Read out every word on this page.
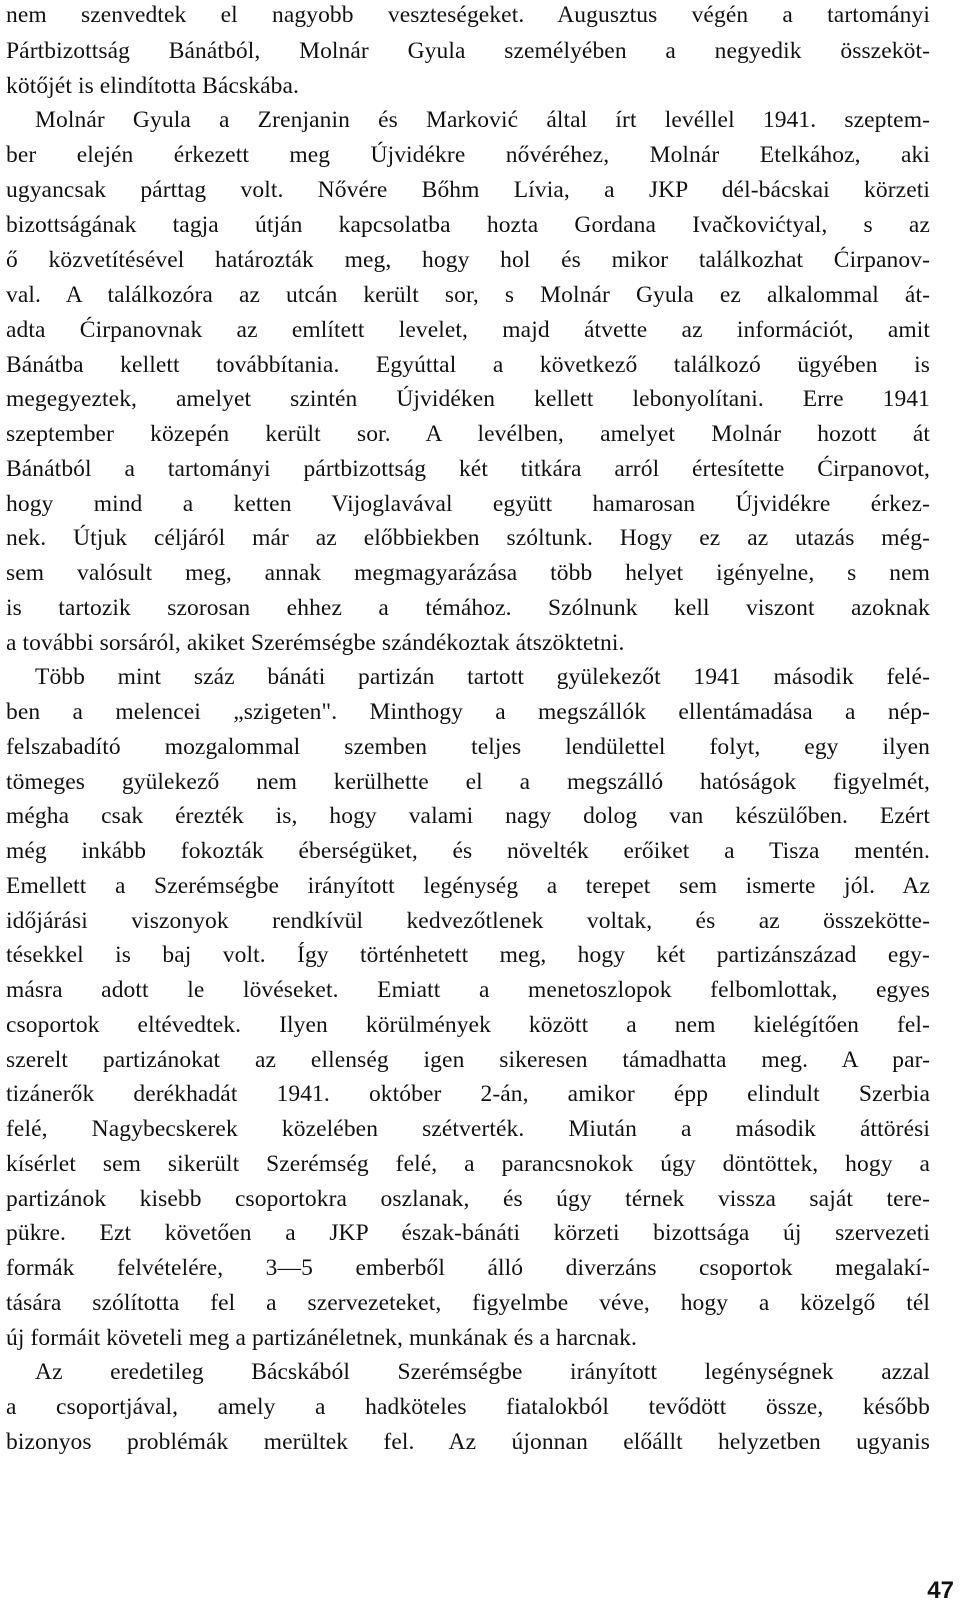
nem szenvedtek el nagyobb veszteségeket. Augusztus végén a tartományi
Pártbizottság Bánátból, Molnár Gyula személyében a negyedik összeköt-
kötőjét is elindította Bácskába.
Molnár Gyula a Zrenjanin és Marković által írt levéllel 1941. szeptem-
ber elején érkezett meg Újvidékre nővéréhez, Molnár Etelkához, aki
ugyancsak párttag volt. Nővére Bőhm Lívia, a JKP dél-bácskai körzeti
bizottságának tagja útján kapcsolatba hozta Gordana Ivačkovićtyal, s az
ő közvetítésével határozták meg, hogy hol és mikor találkozhat Ćirpanov-
val. A találkozóra az utcán került sor, s Molnár Gyula ez alkalommal át-
adta Ćirpanovnak az említett levelet, majd átvette az információt, amit
Bánátba kellett továbbítania. Egyúttal a következő találkozó ügyében is
megegyeztek, amelyet szintén Újvidéken kellett lebonyolítani. Erre 1941
szeptember közepén került sor. A levélben, amelyet Molnár hozott át
Bánátból a tartományi pártbizottság két titkára arról értesítette Ćirpanovot,
hogy mind a ketten Vijoglavával együtt hamarosan Újvidékre érkez-
nek. Útjuk céljáról már az előbbiekben szóltunk. Hogy ez az utazás még-
sem valósult meg, annak megmagyarázása több helyet igényelne, s nem
is tartozik szorosan ehhez a témához. Szólnunk kell viszont azoknak
a további sorsáról, akiket Szerémségbe szándékoztak átszöktetni.
Több mint száz bánáti partizán tartott gyülekezőt 1941 második felé-
ben a melencei „szigeten". Minthogy a megszállók ellentámadása a nép-
felszabadító mozgalommal szemben teljes lendülettel folyt, egy ilyen
tömeges gyülekező nem kerülhette el a megszálló hatóságok figyelmét,
mégha csak érezték is, hogy valami nagy dolog van készülőben. Ezért
még inkább fokozták éberségüket, és növelték erőiket a Tisza mentén.
Emellett a Szerémségbe irányított legénység a terepet sem ismerte jól. Az
időjárási viszonyok rendkívül kedvezőtlenek voltak, és az összekötte-
tésekkel is baj volt. Így történhetett meg, hogy két partizánszázad egy-
másra adott le lövéseket. Emiatt a menetoszlopok felbomlottak, egyes
csoportok eltévedtek. Ilyen körülmények között a nem kielégítően fel-
szerelt partizánokat az ellenség igen sikeresen támadhatta meg. A par-
tizánerők derékhadát 1941. október 2-án, amikor épp elindult Szerbia
felé, Nagybecskerek közelében szétverték. Miután a második áttörési
kísérlet sem sikerült Szerémség felé, a parancsnokok úgy döntöttek, hogy a
partizánok kisebb csoportokra oszlanak, és úgy térnek vissza saját tere-
pükre. Ezt követően a JKP észak-bánáti körzeti bizottsága új szervezeti
formák felvételére, 3—5 emberből álló diverzáns csoportok megalakí-
tására szólította fel a szervezeteket, figyelmbe véve, hogy a közelgő tél
új formáit követeli meg a partizánéletnek, munkának és a harcnak.
Az eredetileg Bácskából Szerémségbe irányított legénységnek azzal
a csoportjával, amely a hadköteles fiatalokból tevődött össze, később
bizonyos problémák merültek fel. Az újonnan előállt helyzetben ugyanis
47
